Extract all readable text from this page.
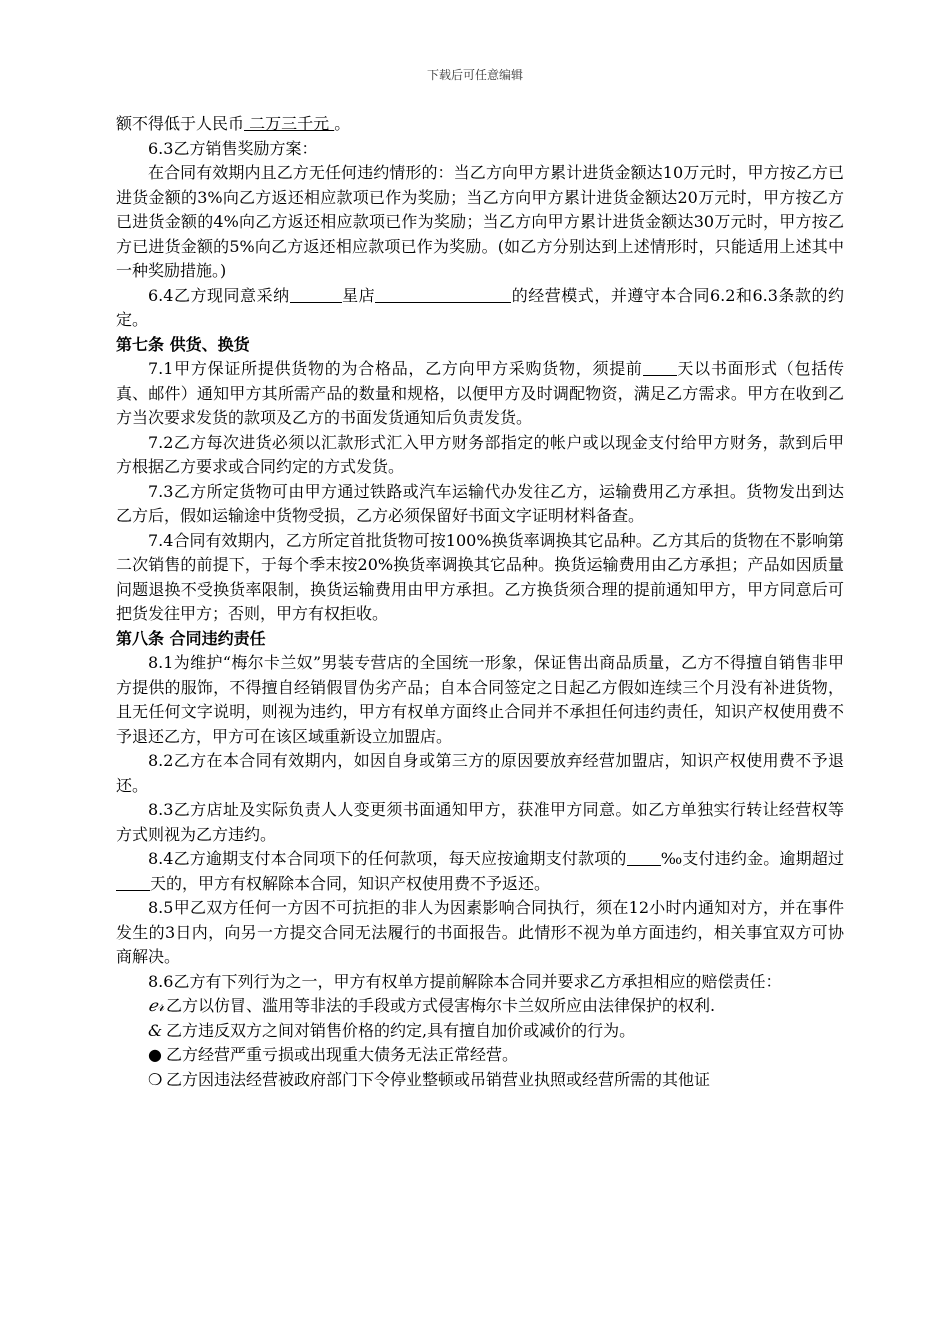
下载后可任意编辑

额不得低于人民币 二万三千元 。

6.3乙方销售奖励方案：

在合同有效期内且乙方无任何违约情形的：当乙方向甲方累计进货金额达10万元时，甲方按乙方已进货金额的3%向乙方返还相应款项已作为奖励；当乙方向甲方累计进货金额达20万元时，甲方按乙方已进货金额的4%向乙方返还相应款项已作为奖励；当乙方向甲方累计进货金额达30万元时，甲方按乙方已进货金额的5%向乙方返还相应款项已作为奖励。(如乙方分别达到上述情形时，只能适用上述其中一种奖励措施。)

6.4乙方现同意采纳	星店	的经营模式，并遵守本合同6.2和6.3条款的约定。

第七条 供货、换货

7.1甲方保证所提供货物的为合格品，乙方向甲方采购货物，须提前 天以书面形式（包括传真、邮件）通知甲方其所需产品的数量和规格，以便甲方及时调配物资，满足乙方需求。甲方在收到乙方当次要求发货的款项及乙方的书面发货通知后负责发货。

7.2乙方每次进货必须以汇款形式汇入甲方财务部指定的帐户或以现金支付给甲方财务，款到后甲方根据乙方要求或合同约定的方式发货。

7.3乙方所定货物可由甲方通过铁路或汽车运输代办发往乙方，运输费用乙方承担。货物发出到达乙方后，假如运输途中货物受损，乙方必须保留好书面文字证明材料备查。

7.4合同有效期内，乙方所定首批货物可按100%换货率调换其它品种。乙方其后的货物在不影响第二次销售的前提下，于每个季末按20%换货率调换其它品种。换货运输费用由乙方承担；产品如因质量问题退换不受换货率限制，换货运输费用由甲方承担。乙方换货须合理的提前通知甲方，甲方同意后可把货发往甲方；否则，甲方有权拒收。

第八条 合同违约责任

8.1为维护“梅尔卡兰奴”男装专营店的全国统一形象，保证售出商品质量，乙方不得擅自销售非甲方提供的服饰，不得擅自经销假冒伪劣产品；自本合同签定之日起乙方假如连续三个月没有补进货物，且无任何文字说明，则视为违约，甲方有权单方面终止合同并不承担任何违约责任，知识产权使用费不予退还乙方，甲方可在该区域重新设立加盟店。

8.2乙方在本合同有效期内，如因自身或第三方的原因要放弃经营加盟店，知识产权使用费不予退还。

8.3乙方店址及实际负责人人变更须书面通知甲方，获准甲方同意。如乙方单独实行转让经营权等方式则视为乙方违约。

8.4乙方逾期支付本合同项下的任何款项，每天应按逾期支付款项的 ‰支付违约金。逾期超过天的，甲方有权解除本合同，知识产权使用费不予返还。

8.5甲乙双方任何一方因不可抗拒的非人为因素影响合同执行，须在12小时内通知对方，并在事件发生的3日内，向另一方提交合同无法履行的书面报告。此情形不视为单方面违约，相关事宜双方可协商解决。

8.6乙方有下列行为之一，甲方有权单方提前解除本合同并要求乙方承担相应的赔偿责任：

ℯ𝓇 乙方以仿冒、滥用等非法的手段或方式侵害梅尔卡兰奴所应由法律保护的权利.

& 乙方违反双方之间对销售价格的约定,具有擅自加价或减价的行为。

● 乙方经营严重亏损或出现重大债务无法正常经营。

❍ 乙方因违法经营被政府部门下令停业整顿或吊销营业执照或经营所需的其他证
